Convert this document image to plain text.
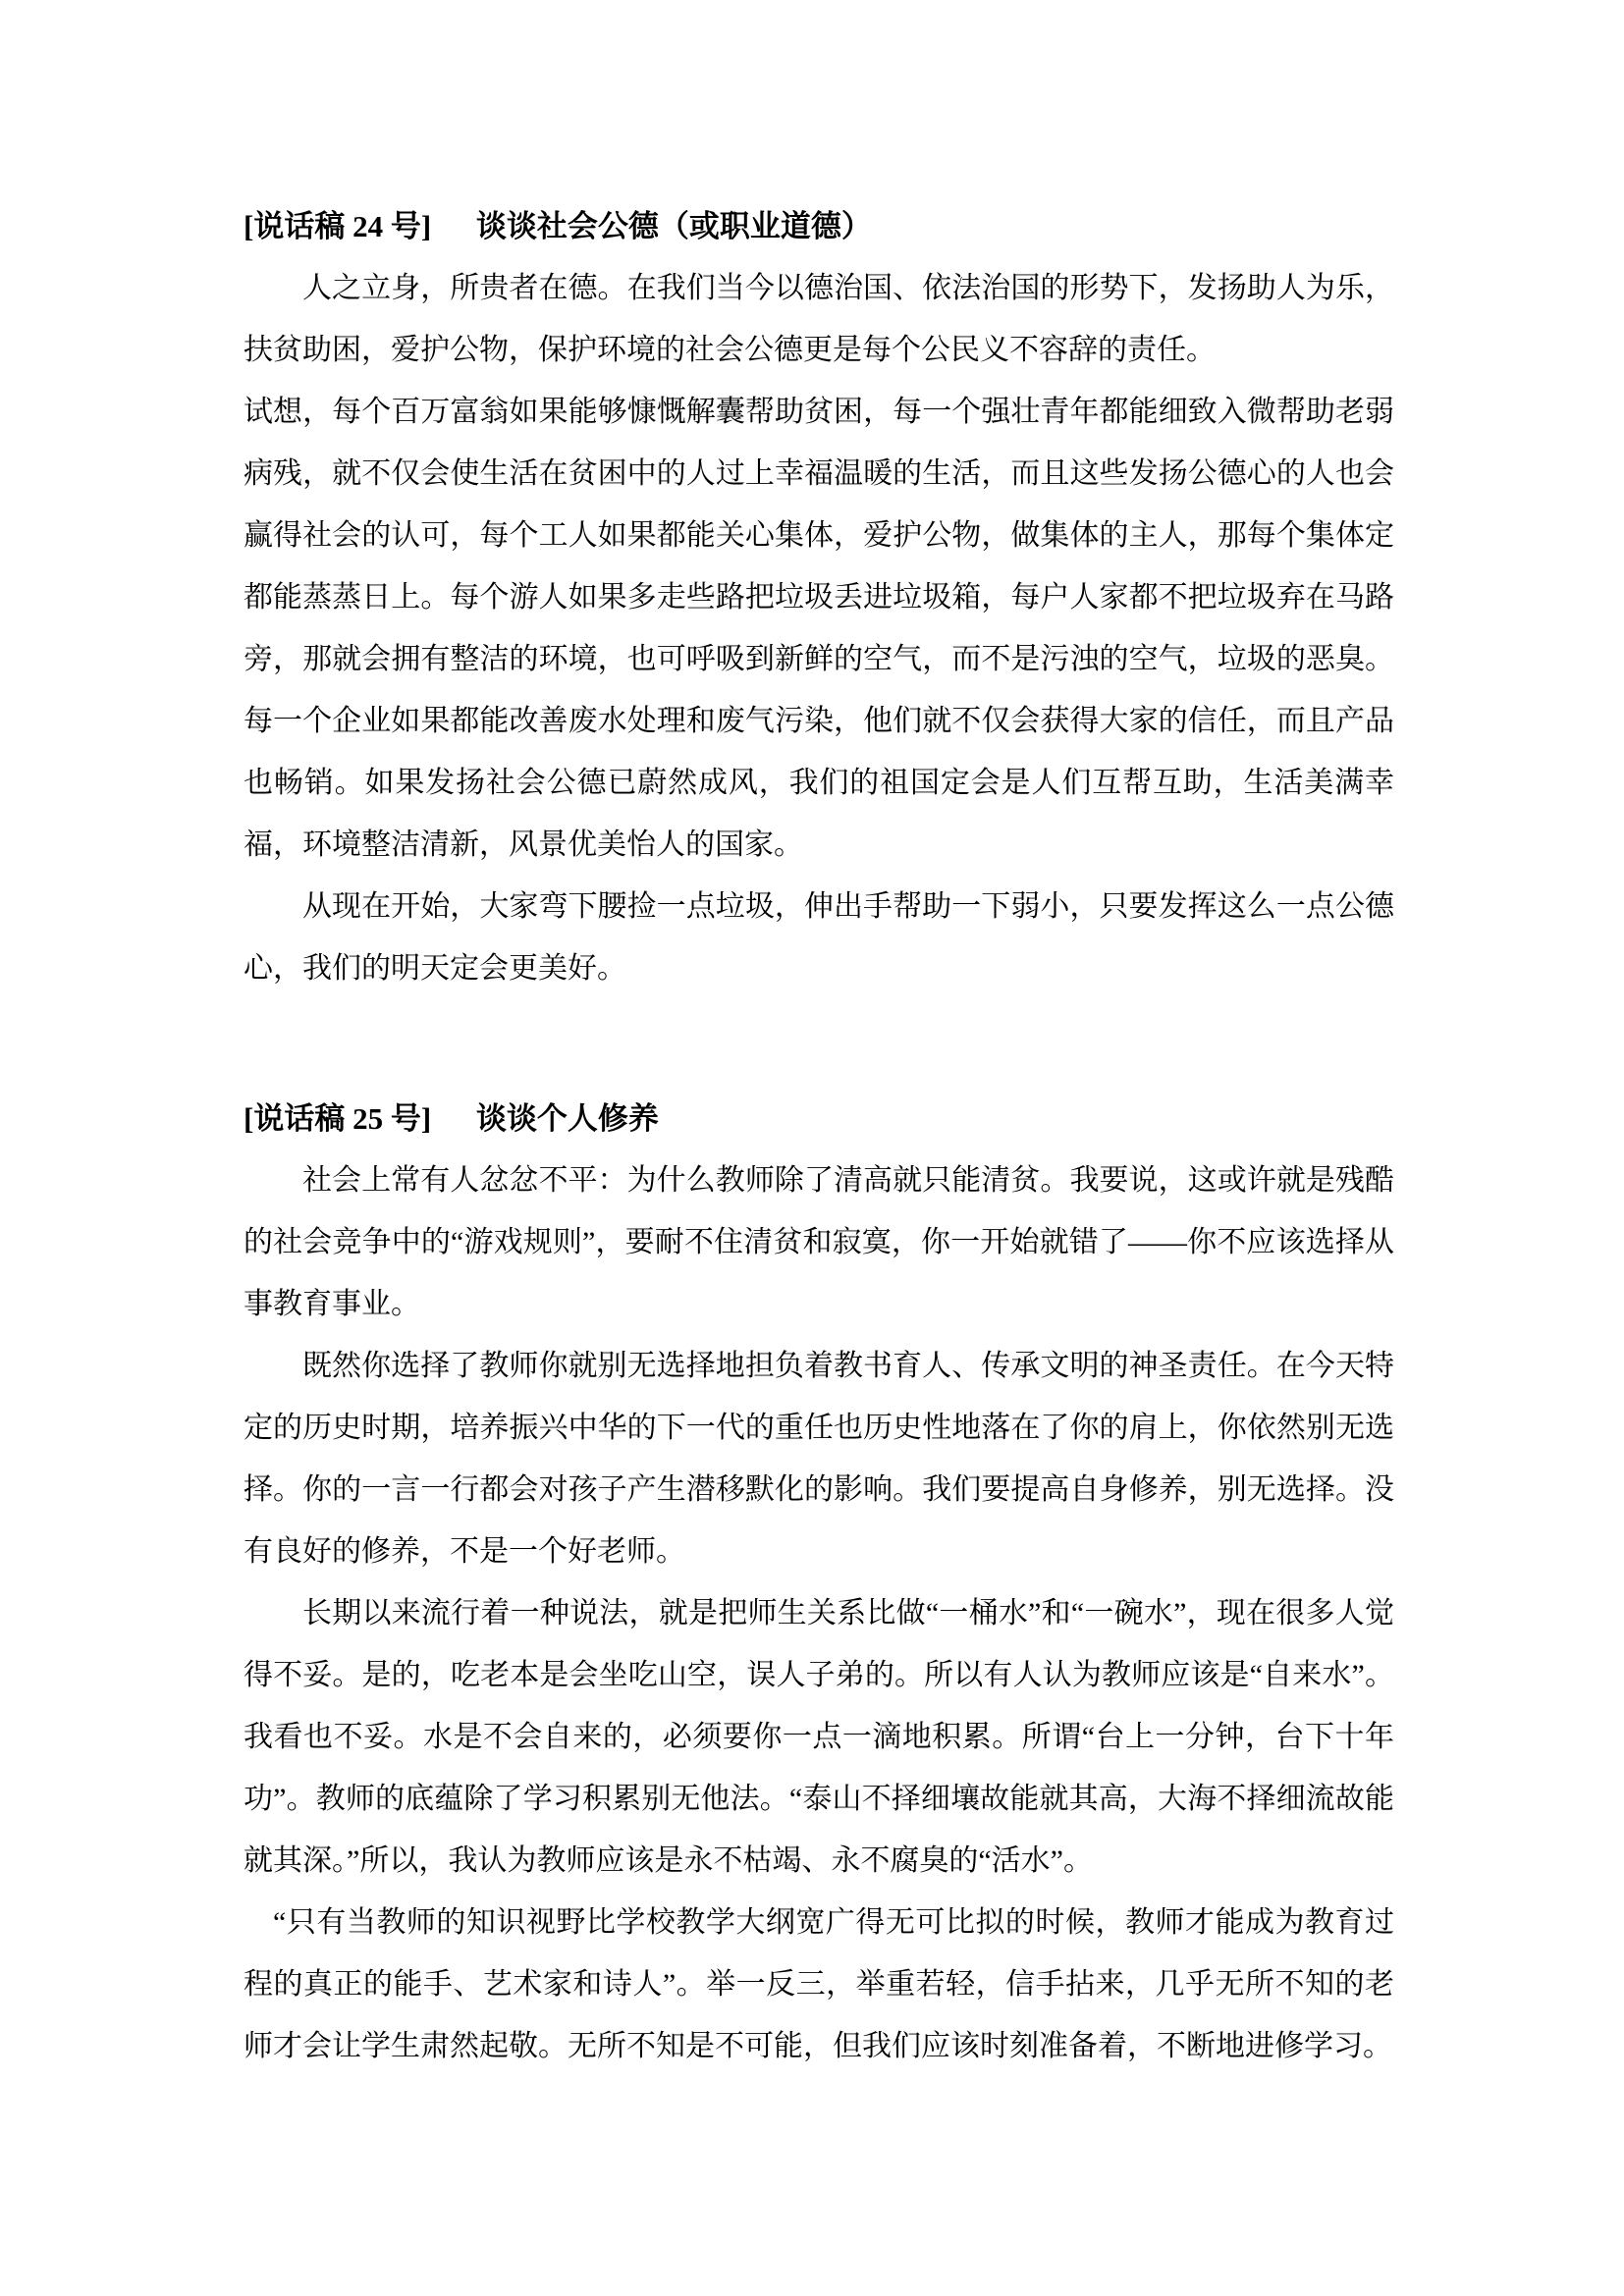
[说话稿 24 号] 谈谈社会公德（或职业道德）

人之立身，所贵者在德。在我们当今以德治国、依法治国的形势下，发扬助人为乐，扶贫助困，爱护公物，保护环境的社会公德更是每个公民义不容辞的责任。

试想，每个百万富翁如果能够慷慨解囊帮助贫困，每一个强壮青年都能细致入微帮助老弱病残，就不仅会使生活在贫困中的人过上幸福温暖的生活，而且这些发扬公德心的人也会赢得社会的认可，每个工人如果都能关心集体，爱护公物，做集体的主人，那每个集体定都能蒸蒸日上。每个游人如果多走些路把垃圾丢进垃圾箱，每户人家都不把垃圾弃在马路旁，那就会拥有整洁的环境，也可呼吸到新鲜的空气，而不是污浊的空气，垃圾的恶臭。每一个企业如果都能改善废水处理和废气污染，他们就不仅会获得大家的信任，而且产品也畅销。如果发扬社会公德已蔚然成风，我们的祖国定会是人们互帮互助，生活美满幸福，环境整洁清新，风景优美怡人的国家。

从现在开始，大家弯下腰捡一点垃圾，伸出手帮助一下弱小，只要发挥这么一点公德心，我们的明天定会更美好。

[说话稿 25 号] 谈谈个人修养

社会上常有人忿忿不平：为什么教师除了清高就只能清贫。我要说，这或许就是残酷的社会竞争中的“游戏规则”，要耐不住清贫和寂寞，你一开始就错了——你不应该选择从事教育事业。

既然你选择了教师你就别无选择地担负着教书育人、传承文明的神圣责任。在今天特定的历史时期，培养振兴中华的下一代的重任也历史性地落在了你的肩上，你依然别无选择。你的一言一行都会对孩子产生潜移默化的影响。我们要提高自身修养，别无选择。没有良好的修养，不是一个好老师。

长期以来流行着一种说法，就是把师生关系比做“一桶水”和“一碗水”，现在很多人觉得不妥。是的，吃老本是会坐吃山空，误人子弟的。所以有人认为教师应该是“自来水”。我看也不妥。水是不会自来的，必须要你一点一滴地积累。所谓“台上一分钟，台下十年功”。教师的底蕴除了学习积累别无他法。“泰山不择细壤故能就其高，大海不择细流故能就其深。”所以，我认为教师应该是永不枯竭、永不腐臭的“活水”。

“只有当教师的知识视野比学校教学大纲宽广得无可比拟的时候，教师才能成为教育过程的真正的能手、艺术家和诗人”。举一反三，举重若轻，信手拈来，几乎无所不知的老师才会让学生肃然起敬。无所不知是不可能，但我们应该时刻准备着，不断地进修学习。
